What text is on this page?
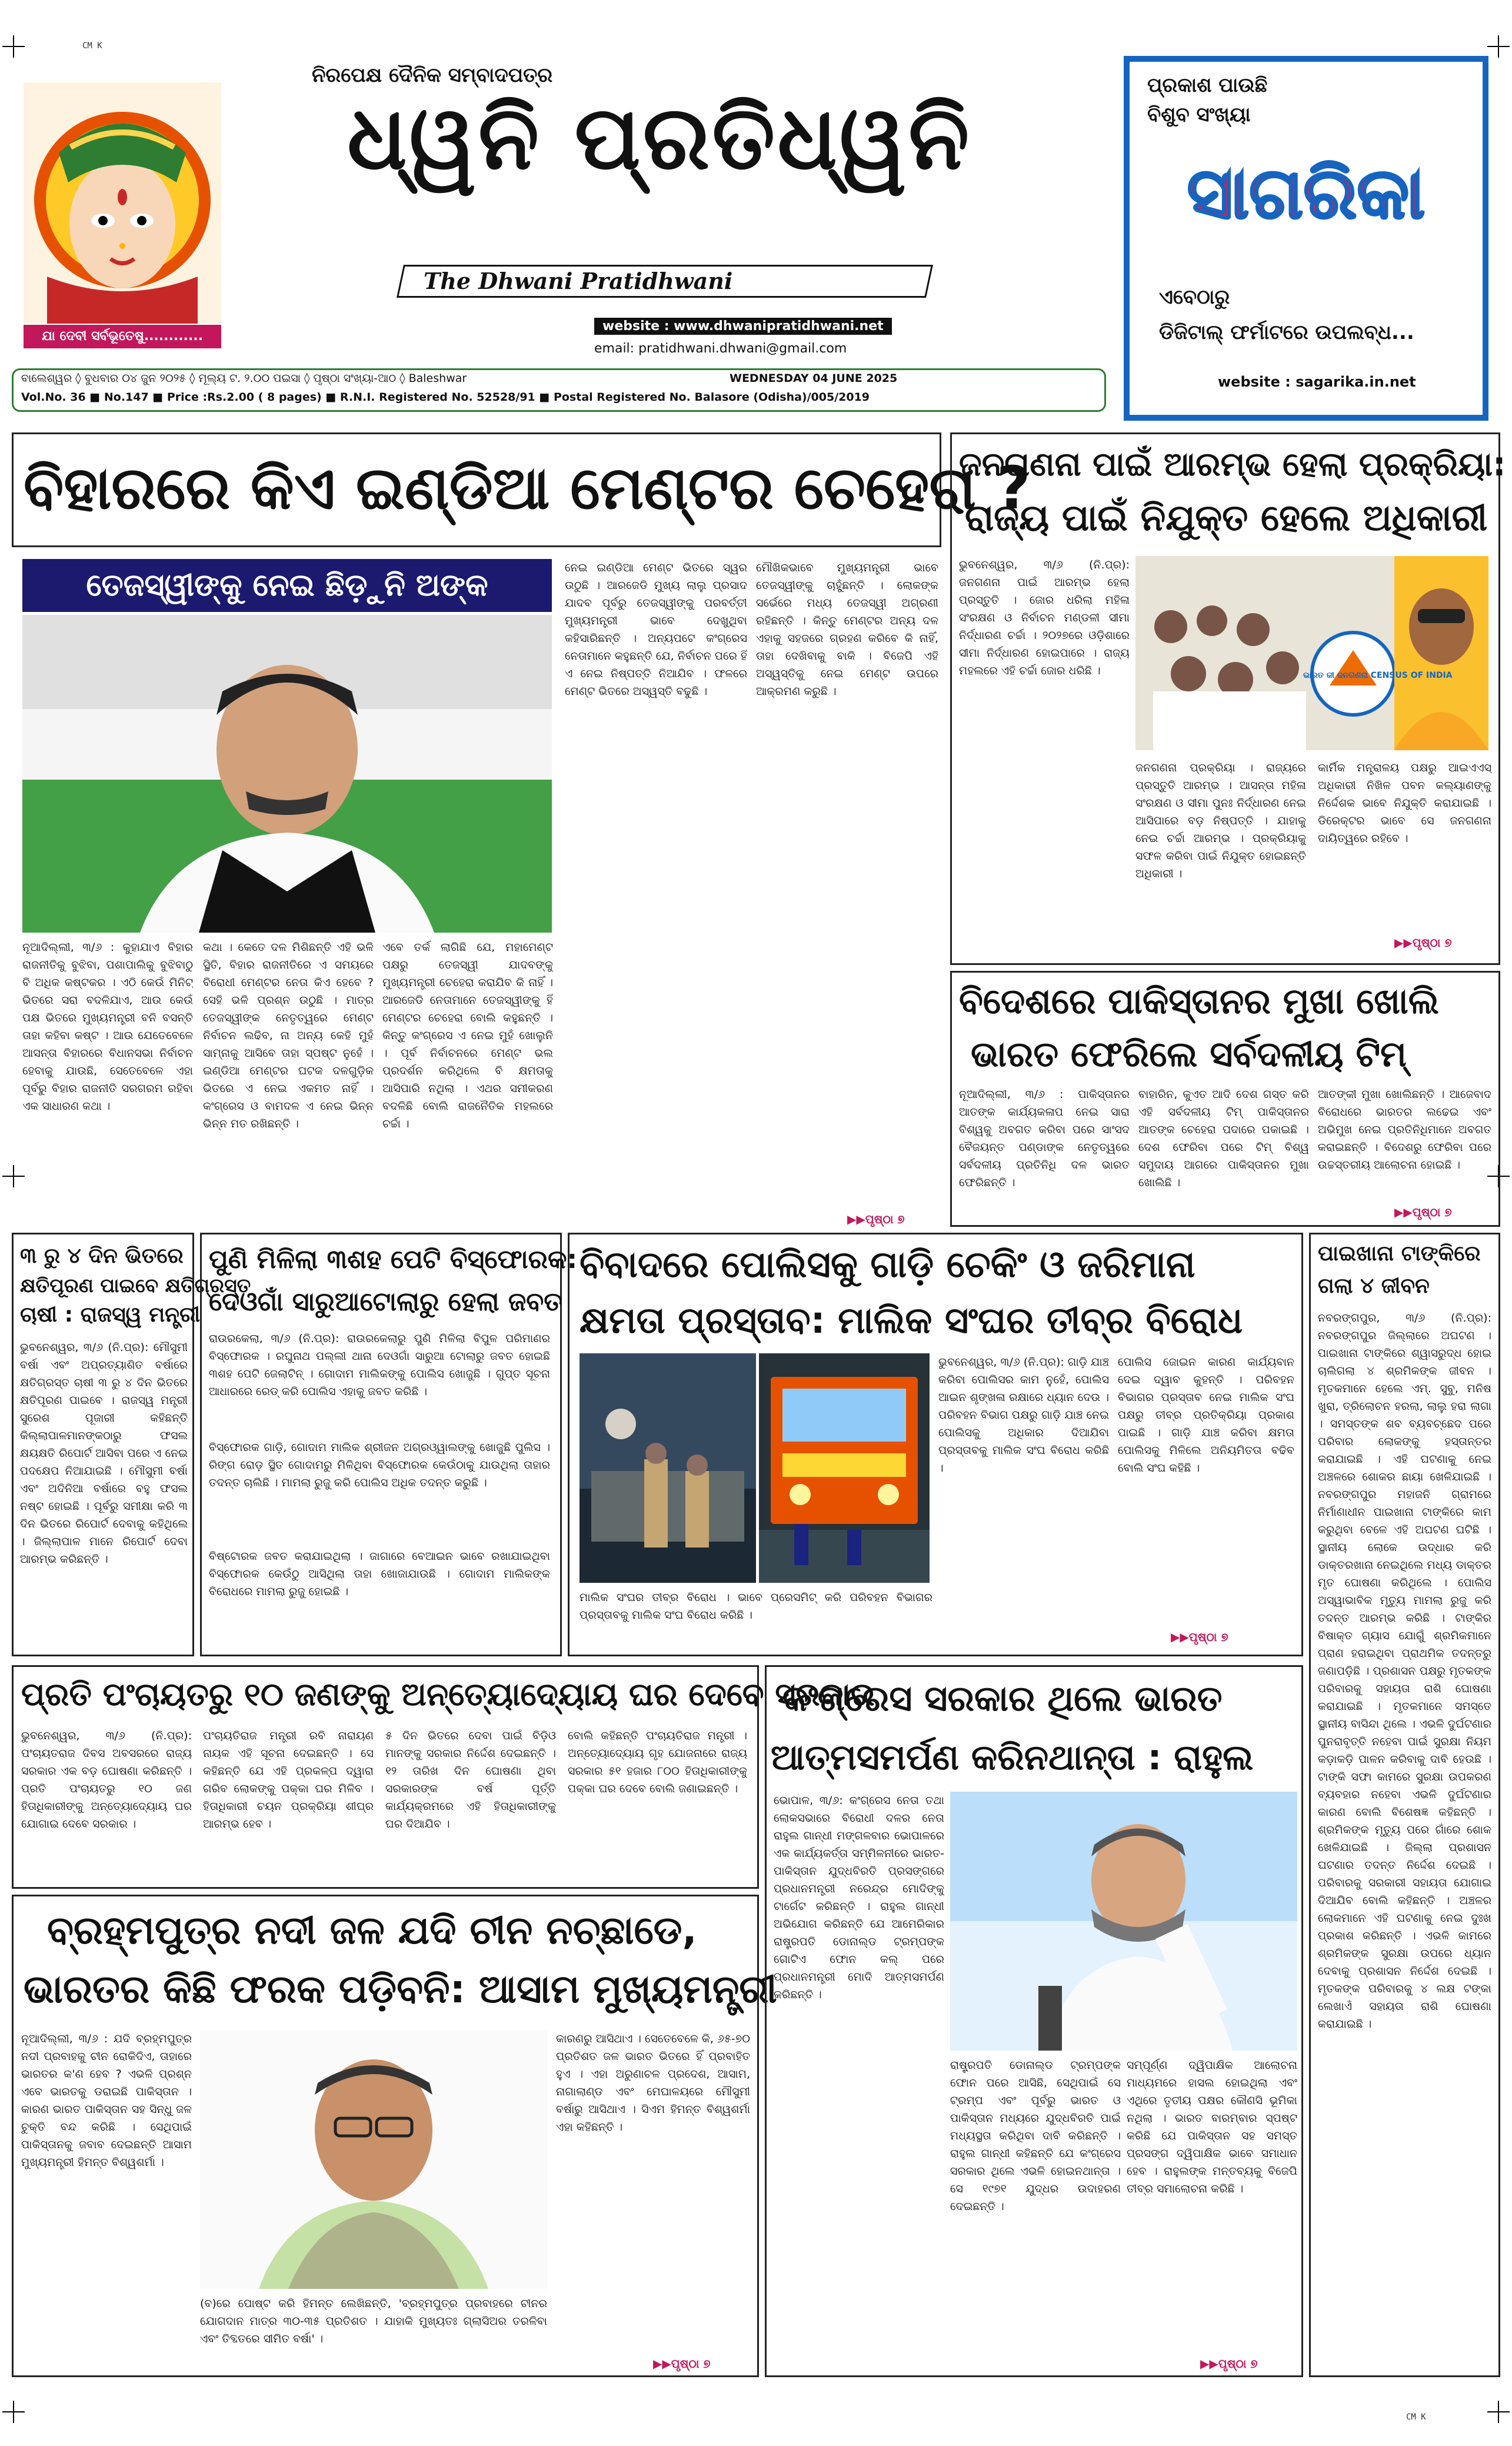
CM K
CM K
ଯା ଦେବୀ ସର୍ବଭୂତେଷୁ............
ନିରପେକ୍ଷ ଦୈନିକ ସମ୍ବାଦପତ୍ର
ଧ୍ୱନି ପ୍ରତିଧ୍ୱନି
The Dhwani Pratidhwani
website : www.dhwanipratidhwani.net
email: pratidhwani.dhwani@gmail.com
ବାଲେଶ୍ୱର ◊ ବୁଧବାର ୦୪ ଜୁନ ୨୦୨୫ ◊ ମୂଲ୍ୟ ଟ. ୨.୦୦ ପଇସା ◊ ପୃଷ୍ଠା ସଂଖ୍ୟା-ଆଠ ◊ Baleshwar	WEDNESDAY 04 JUNE 2025
Vol.No. 36 ■ No.147 ■ Price :Rs.2.00 ( 8 pages) ■ R.N.I. Registered No. 52528/91 ■ Postal Registered No. Balasore (Odisha)/005/2019
ପ୍ରକାଶ ପାଉଛି
ବିଶୁବ ସଂଖ୍ୟା
ସାଗରିକା
ଏବେଠାରୁ
ଡିଜିଟାଲ୍ ଫର୍ମାଟରେ ଉପଲବ୍ଧ...
website : sagarika.in.net
ବିହାରରେ କିଏ ଇଣ୍ଡିଆ ମେଣ୍ଟର ଚେହେରା ?
ତେଜସ୍ୱୀଙ୍କୁ ନେଇ ଛିଡ଼ୁନି ଅଙ୍କ
ନୂଆଦିଲ୍ଲୀ, ୩/୬ : କୁହାଯାଏ ବିହାର ରାଜନୀତିକୁ ବୁଝିବା, ପଶାପାଲିକୁ ବୁଝିବାଠୁ ବି ଅଧିକ କଷ୍ଟକର । ଏଠି କେଉଁ ମିନିଟ୍ ଭିତରେ ସରା ବଦଳିଯାଏ, ଆଉ କେଉଁ ପକ୍ଷ ଭିତରେ ମୁଖ୍ୟମନ୍ତ୍ରୀ ବନି ବସନ୍ତି ତାହା କହିବା କଷ୍ଟ । ଆଉ ଯେତେବେଳେ ଆସନ୍ତା ବିହାରରେ ବିଧାନସଭା ନିର୍ବାଚନ ହେବାକୁ ଯାଉଛି, ସେତେବେଳେ ଏହା ପୂର୍ବରୁ ବିହାର ରାଜନୀତି ସରଗରମ ରହିବା ଏକ ସାଧାରଣ କଥା ।
କଥା । କେତେ ଦଳ ମିଶିଛନ୍ତି ଏହି ଭଳି ସ୍ଥିତି, ବିହାର ରାଜନୀତିରେ ଏ ସମୟରେ ବିରୋଧୀ ମେଣ୍ଟର ନେତା କିଏ ହେବେ ? ସେହି ଭଳି ପ୍ରଶ୍ନ ଉଠୁଛି । ମାତ୍ର ତେଜସ୍ୱୀଙ୍କ ନେତୃତ୍ୱରେ ମେଣ୍ଟ ନିର୍ବାଚନ ଲଢିବ, ନା ଅନ୍ୟ କେହି ମୁହଁ ସାମ୍ନାକୁ ଆସିବେ ତାହା ସ୍ପଷ୍ଟ ନୁହେଁ । ଇଣ୍ଡିଆ ମେଣ୍ଟର ଘଟକ ଦଳଗୁଡ଼ିକ ଭିତରେ ଏ ନେଇ ଏକମତ ନାହିଁ । କଂଗ୍ରେସ ଓ ବାମଦଳ ଏ ନେଇ ଭିନ୍ନ ଭିନ୍ନ ମତ ରଖିଛନ୍ତି ।
ଏବେ ତର୍କ ଲାଗିଛି ଯେ, ମହାମେଣ୍ଟ ପକ୍ଷରୁ ତେଜସ୍ୱୀ ଯାଦବଙ୍କୁ ମୁଖ୍ୟମନ୍ତ୍ରୀ ଚେହେରା କରାଯିବ କି ନାହିଁ । ଆରଜେଡି ନେତାମାନେ ତେଜସ୍ୱୀଙ୍କୁ ହିଁ ମେଣ୍ଟର ଚେହେରା ବୋଲି କହୁଛନ୍ତି । କିନ୍ତୁ କଂଗ୍ରେସ ଏ ନେଇ ମୁହଁ ଖୋଲୁନି । ପୂର୍ବ ନିର୍ବାଚନରେ ମେଣ୍ଟ ଭଲ ପ୍ରଦର୍ଶନ କରିଥିଲେ ବି କ୍ଷମତାକୁ ଆସିପାରି ନଥିଲା । ଏଥର ସମୀକରଣ ବଦଳିଛି ବୋଲି ରାଜନୈତିକ ମହଲରେ ଚର୍ଚ୍ଚା ।
ନେଇ ଇଣ୍ଡିଆ ମେଣ୍ଟ ଭିତରେ ସ୍ୱର ଉଠୁଛି । ଆରଜେଡି ମୁଖ୍ୟ ଲାଲୁ ପ୍ରସାଦ ଯାଦବ ପୂର୍ବରୁ ତେଜସ୍ୱୀଙ୍କୁ ପରବର୍ତ୍ତୀ ମୁଖ୍ୟମନ୍ତ୍ରୀ ଭାବେ ଦେଖୁଥିବା କହିସାରିଛନ୍ତି । ଅନ୍ୟପଟେ କଂଗ୍ରେସ ନେତାମାନେ କହୁଛନ୍ତି ଯେ, ନିର୍ବାଚନ ପରେ ହିଁ ଏ ନେଇ ନିଷ୍ପତ୍ତି ନିଆଯିବ । ଫଳରେ ମେଣ୍ଟ ଭିତରେ ଅସ୍ୱସ୍ତି ବଢୁଛି ।
ମୌଖିକଭାବେ ମୁଖ୍ୟମନ୍ତ୍ରୀ ଭାବେ ତେଜସ୍ୱୀଙ୍କୁ ଚାହୁଁଛନ୍ତି । ଲୋକଙ୍କ ସର୍ଭେରେ ମଧ୍ୟ ତେଜସ୍ୱୀ ଅଗ୍ରଣୀ ରହିଛନ୍ତି । କିନ୍ତୁ ମେଣ୍ଟର ଅନ୍ୟ ଦଳ ଏହାକୁ ସହଜରେ ଗ୍ରହଣ କରିବେ କି ନାହିଁ, ତାହା ଦେଖିବାକୁ ବାକି । ବିଜେପି ଏହି ଅସ୍ୱସ୍ତିକୁ ନେଇ ମେଣ୍ଟ ଉପରେ ଆକ୍ରମଣ କରୁଛି ।
▶▶ପୃଷ୍ଠା ୭
ଜନଗଣନା ପାଇଁ ଆରମ୍ଭ ହେଲା ପ୍ରକ୍ରିୟା:
ରାଜ୍ୟ ପାଇଁ ନିଯୁକ୍ତ ହେଲେ ଅଧିକାରୀ
ଭୁବନେଶ୍ୱର, ୩/୬ (ନି.ପ୍ର): ଜନଗଣନା ପାଇଁ ଆରମ୍ଭ ହେଲା ପ୍ରସ୍ତୁତି । ଜୋର ଧରିଲା ମହିଳା ସଂରକ୍ଷଣ ଓ ନିର୍ବାଚନ ମଣ୍ଡଳୀ ସୀମା ନିର୍ଦ୍ଧାରଣ ଚର୍ଚ୍ଚା । ୨୦୨୭ରେ ଓଡ଼ିଶାରେ ସୀମା ନିର୍ଦ୍ଧାରଣ ହୋଇପାରେ । ରାଜ୍ୟ ମହଲରେ ଏହି ଚର୍ଚ୍ଚା ଜୋର ଧରିଛି ।	ଭାରତ କୀ ଜନଗଣନା CENSUS OF INDIA
ଜନଗଣନା ପ୍ରକ୍ରିୟା । ରାଜ୍ୟରେ ପ୍ରସ୍ତୁତି ଆରମ୍ଭ । ଆସନ୍ତା ମହିଳା ସଂରକ୍ଷଣ ଓ ସୀମା ପୁନଃ ନିର୍ଦ୍ଧାରଣ ନେଇ ଆସିପାରେ ବଡ଼ ନିଷ୍ପତ୍ତି । ଯାହାକୁ ନେଇ ଚର୍ଚ୍ଚା ଆରମ୍ଭ । ପ୍ରକ୍ରିୟାକୁ ସଫଳ କରିବା ପାଇଁ ନିଯୁକ୍ତ ହୋଇଛନ୍ତି ଅଧିକାରୀ ।
କାର୍ମିକ ମନ୍ତ୍ରାଳୟ ପକ୍ଷରୁ ଆଇଏଏସ୍ ଅଧିକାରୀ ନିଖିଳ ପବନ କଲ୍ୟାଣଙ୍କୁ ନିର୍ଦ୍ଦେଶକ ଭାବେ ନିଯୁକ୍ତି କରାଯାଇଛି । ଡିରେକ୍ଟର ଭାବେ ସେ ଜନଗଣନା ଦାୟିତ୍ୱରେ ରହିବେ ।
▶▶ପୃଷ୍ଠା ୭
ବିଦେଶରେ ପାକିସ୍ତାନର ମୁଖା ଖୋଲି
ଭାରତ ଫେରିଲେ ସର୍ବଦଳୀୟ ଟିମ୍
ନୂଆଦିଲ୍ଲୀ, ୩/୬ : ପାକିସ୍ତାନର ଆତଙ୍କ କାର୍ଯ୍ୟକଳାପ ନେଇ ସାରା ବିଶ୍ୱକୁ ଅବଗତ କରିବା ପରେ ସାଂସଦ ବୈଜୟନ୍ତ ପଣ୍ଡାଙ୍କ ନେତୃତ୍ୱରେ ସର୍ବଦଳୀୟ ପ୍ରତିନିଧି ଦଳ ଭାରତ ଫେରିଛନ୍ତି ।
ବାହାରିନ, କୁଏତ ଆଦି ଦେଶ ଗସ୍ତ କରି ଏହି ସର୍ବଦଳୀୟ ଟିମ୍ ପାକିସ୍ତାନର ଆତଙ୍କ ଚେହେରା ପଦାରେ ପକାଇଛି । ଦେଶ ଫେରିବା ପରେ ଟିମ୍ ବିଶ୍ୱ ସମୁଦାୟ ଆଗରେ ପାକିସ୍ତାନର ମୁଖା ଖୋଲିଛି ।
ଆତଙ୍କୀ ମୁଖା ଖୋଲିଛନ୍ତି । ଆଜେବାଦ ବିରୋଧରେ ଭାରତର ଲଢେଇ ଏବଂ ଅଭିମୁଖ ନେଇ ପ୍ରତିନିଧିମାନେ ଅବଗତ କରାଇଛନ୍ତି । ବିଦେଶରୁ ଫେରିବା ପରେ ଉଚ୍ଚସ୍ତରୀୟ ଆଲୋଚନା ହୋଇଛି ।
▶▶ପୃଷ୍ଠା ୭
୩ ରୁ ୪ ଦିନ ଭିତରେ
କ୍ଷତିପୂରଣ ପାଇବେ କ୍ଷତିଗ୍ରସ୍ତ
ଚାଷୀ : ରାଜସ୍ୱ ମନ୍ତ୍ରୀ
ଭୁବନେଶ୍ୱର, ୩/୬ (ନି.ପ୍ର): ମୌସୁମୀ ବର୍ଷା ଏବଂ ଅପ୍ରତ୍ୟାଶିତ ବର୍ଷାରେ କ୍ଷତିଗ୍ରସ୍ତ ଚାଷୀ ୩ ରୁ ୪ ଦିନ ଭିତରେ କ୍ଷତିପୂରଣ ପାଇବେ । ରାଜସ୍ୱ ମନ୍ତ୍ରୀ ସୁରେଶ ପୂଜାରୀ କହିଛନ୍ତି କିଲ୍ଲାପାଳମାନଙ୍କଠାରୁ ଫସଲ କ୍ଷୟକ୍ଷତି ରିପୋର୍ଟ ଆସିବା ପରେ ଏ ନେଇ ପଦକ୍ଷେପ ନିଆଯାଇଛି । ମୌସୁମୀ ବର୍ଷା ଏବଂ ଅଦିନିଆ ବର୍ଷାରେ ବହୁ ଫସଲ ନଷ୍ଟ ହୋଇଛି । ପୂର୍ବରୁ ସମୀକ୍ଷା କରି ୩ ଦିନ ଭିତରେ ରିପୋର୍ଟ ଦେବାକୁ କହିଥିଲେ । ଜିଲ୍ଲାପାଳ ମାନେ ରିପୋର୍ଟ ଦେବା ଆରମ୍ଭ କରିଛନ୍ତି ।
ପୁଣି ମିଳିଲା ୩ଶହ ପେଟି ବିସ୍ଫୋରକ:
ଦେଓଗାଁ ସାରୁଆଟୋଲାରୁ ହେଲା ଜବତ
ରାଉରକେଲା, ୩/୬ (ନି.ପ୍ର): ରାଉରକେଲାରୁ ପୁଣି ମିଳିଲା ବିପୁଳ ପରିମାଣର ବିସ୍ଫୋରକ । ରଘୁନାଥ ପଲ୍ଲୀ ଥାନା ଦେଓଗାଁ ସାରୁଆ ଟୋଲାରୁ ଜବତ ହୋଇଛି ୩ଶହ ପେଟି ଜେଲାଟିନ୍ । ଗୋଦାମ ମାଲିକଙ୍କୁ ପୋଲିସ ଖୋଜୁଛି । ଗୁପ୍ତ ସୂଚନା ଆଧାରରେ ରେଡ୍ କରି ପୋଲିସ ଏହାକୁ ଜବତ କରିଛି ।
ବିସ୍ଫୋରକ ଗାଡ଼ି, ଗୋଦାମ ମାଲିକ ଶ୍ରୀଜନ ଅଗ୍ରଓ୍ୱାଲଙ୍କୁ ଖୋଜୁଛି ପୁଲିସ । ରିଙ୍ଗ ରୋଡ଼ ସ୍ଥିତ ଗୋଦାମରୁ ମିଳିଥିବା ବିସ୍ଫୋରକ କେଉଁଠାକୁ ଯାଉଥିଲା ତାହାର ତଦନ୍ତ ଚାଲିଛି । ମାମଲା ରୁଜୁ କରି ପୋଲିସ ଅଧିକ ତଦନ୍ତ କରୁଛି ।
ବିଷ୍ଟୋରକ ଜବତ କରାଯାଇଥିଲା । ଜାଗାରେ ବେଆଇନ ଭାବେ ରଖାଯାଇଥିବା ବିସ୍ଫୋରକ କେଉଁଠୁ ଆସିଥିଲା ତାହା ଖୋଜାଯାଉଛି । ଗୋଦାମ ମାଲିକଙ୍କ ବିରୋଧରେ ମାମଲା ରୁଜୁ ହୋଇଛି ।
ବିବାଦରେ ପୋଲିସକୁ ଗାଡ଼ି ଚେକିଂ ଓ ଜରିମାନା
କ୍ଷମତା ପ୍ରସ୍ତାବ: ମାଲିକ ସଂଘର ତୀବ୍ର ବିରୋଧ
ଭୁବନେଶ୍ୱର, ୩/୬ (ନି.ପ୍ର): ଗାଡ଼ି ଯାଞ୍ଚ କରିବା ପୋଲିସର କାମ ନୁହେଁ, ପୋଲିସ ଆଇନ ଶୃଙ୍ଖଳା ରକ୍ଷାରେ ଧ୍ୟାନ ଦେଉ । ପରିବହନ ବିଭାଗ ପକ୍ଷରୁ ଗାଡ଼ି ଯାଞ୍ଚ ନେଇ ପୋଲିସକୁ ଅଧିକାର ଦିଆଯିବା ପ୍ରସ୍ତାବକୁ ମାଲିକ ସଂଘ ବିରୋଧ କରିଛି ।
ମାଲିକ ସଂଘର ତୀବ୍ର ବିରୋଧ । ଭାବେ ପ୍ରେସମିଟ୍ କରି ପରିବହନ ବିଭାଗର ପ୍ରସ୍ତାବକୁ ମାଲିକ ସଂଘ ବିରୋଧ କରିଛି ।
ପୋଲିସ ଜୋଇନ କାରଣ କାର୍ଯ୍ୟବାନ ଦେଇ ଦ୍ୱାବ କୁହନ୍ତି । ପରିବହନ ବିଭାଗର ପ୍ରସ୍ତାବ ନେଇ ମାଲିକ ସଂଘ ପକ୍ଷରୁ ତୀବ୍ର ପ୍ରତିକ୍ରିୟା ପ୍ରକାଶ ପାଇଛି । ଗାଡ଼ି ଯାଞ୍ଚ କରିବା କ୍ଷମତା ପୋଲିସକୁ ମିଳିଲେ ଅନିୟମିତତା ବଢିବ ବୋଲି ସଂଘ କହିଛି ।
▶▶ପୃଷ୍ଠା ୭
ପାଇଖାନା ଟାଙ୍କିରେ
ଗଲା ୪ ଜୀବନ
ନବରଙ୍ଗପୁର, ୩/୬ (ନି.ପ୍ର): ନବରଙ୍ଗପୁର ଜିଲ୍ଲାରେ ଅଘଟଣ । ପାଇଖାନା ଟାଙ୍କିରେ ଶ୍ୱାସରୁଦ୍ଧ ହୋଇ ଚାଲିଗଲା ୪ ଶ୍ରମିକଙ୍କ ଜୀବନ । ମୃତକମାନେ ହେଲେ ଏମ୍. ସୁବୁ, ମନିଷ ଖୁରା, ତ୍ରିଲୋଚନ ହରଲା, ଲାଲୁ ହରା ଲାଗା । ସମସ୍ତଙ୍କ ଶବ ବ୍ୟବଚ୍ଛେଦ ପରେ ପରିବାର ଲୋକଙ୍କୁ ହସ୍ତାନ୍ତର କରାଯାଇଛି । ଏହି ଘଟଣାକୁ ନେଇ ଅଞ୍ଚଳରେ ଶୋକର ଛାୟା ଖେଳିଯାଇଛି । ନବରଙ୍ଗପୁର ମହାଜନି ଗ୍ରାମରେ ନିର୍ମାଣାଧୀନ ପାଇଖାନା ଟାଙ୍କିରେ କାମ କରୁଥିବା ବେଳେ ଏହି ଅଘଟଣ ଘଟିଛି । ସ୍ଥାନୀୟ ଲୋକେ ଉଦ୍ଧାର କରି ଡାକ୍ତରଖାନା ନେଇଥିଲେ ମଧ୍ୟ ଡାକ୍ତର ମୃତ ଘୋଷଣା କରିଥିଲେ । ପୋଲିସ ଅସ୍ୱାଭାବିକ ମୃତ୍ୟୁ ମାମଲା ରୁଜୁ କରି ତଦନ୍ତ ଆରମ୍ଭ କରିଛି । ଟାଙ୍କିର ବିଷାକ୍ତ ଗ୍ୟାସ ଯୋଗୁଁ ଶ୍ରମିକମାନେ ପ୍ରାଣ ହରାଇଥିବା ପ୍ରାଥମିକ ତଦନ୍ତରୁ ଜଣାପଡ଼ିଛି । ପ୍ରଶାସନ ପକ୍ଷରୁ ମୃତକଙ୍କ ପରିବାରକୁ ସହାୟତା ରାଶି ଘୋଷଣା କରାଯାଇଛି । ମୃତକମାନେ ସମସ୍ତେ ସ୍ଥାନୀୟ ବାସିନ୍ଦା ଥିଲେ । ଏଭଳି ଦୁର୍ଘଟଣାର ପୁନରାବୃତ୍ତି ନହେବା ପାଇଁ ସୁରକ୍ଷା ନିୟମ କଡ଼ାକଡ଼ି ପାଳନ କରିବାକୁ ଦାବି ହେଉଛି । ଟାଙ୍କି ସଫା କାମରେ ସୁରକ୍ଷା ଉପକରଣ ବ୍ୟବହାର ନହେବା ଏଭଳି ଦୁର୍ଘଟଣାର କାରଣ ବୋଲି ବିଶେଷଜ୍ଞ କହିଛନ୍ତି । ଶ୍ରମିକଙ୍କ ମୃତ୍ୟୁ ପରେ ଗାଁରେ ଶୋକ ଖେଳିଯାଇଛି । ଜିଲ୍ଲା ପ୍ରଶାସନ ଘଟଣାର ତଦନ୍ତ ନିର୍ଦ୍ଦେଶ ଦେଇଛି । ପରିବାରକୁ ସରକାରୀ ସହାୟତା ଯୋଗାଇ ଦିଆଯିବ ବୋଲି କହିଛନ୍ତି । ଅଞ୍ଚଳର ଲୋକମାନେ ଏହି ଘଟଣାକୁ ନେଇ ଦୁଃଖ ପ୍ରକାଶ କରିଛନ୍ତି । ଏଭଳି କାମରେ ଶ୍ରମିକଙ୍କ ସୁରକ୍ଷା ଉପରେ ଧ୍ୟାନ ଦେବାକୁ ପ୍ରଶାସନ ନିର୍ଦ୍ଦେଶ ଦେଇଛି । ମୃତକଙ୍କ ପରିବାରକୁ ୪ ଲକ୍ଷ ଟଙ୍କା ଲେଖାଏଁ ସହାୟତା ରାଶି ଘୋଷଣା କରାଯାଇଛି ।
ପ୍ରତି ପଂଚାୟତରୁ ୧୦ ଜଣଙ୍କୁ ଅନ୍ତ୍ୟୋଦ୍ୟୋୟ ଘର ଦେବେ ସରକାର
ଭୁବନେଶ୍ୱର, ୩/୬ (ନି.ପ୍ର): ପଂଚାୟତରାଜ ଦିବସ ଅବସରରେ ରାଜ୍ୟ ସରକାର ଏକ ବଡ଼ ଘୋଷଣା କରିଛନ୍ତି । ପ୍ରତି ପଂଚାୟତରୁ ୧୦ ଜଣ ହିତାଧିକାରୀଙ୍କୁ ଅନ୍ତ୍ୟୋଦ୍ୟୋୟ ଘର ଯୋଗାଇ ଦେବେ ସରକାର ।
ପଂଚାୟତିରାଜ ମନ୍ତ୍ରୀ ରବି ନାରାୟଣ ନାୟକ ଏହି ସୂଚନା ଦେଇଛନ୍ତି । ସେ କହିଛନ୍ତି ଯେ ଏହି ପ୍ରକଳ୍ପ ଦ୍ୱାରା ଗରିବ ଲୋକଙ୍କୁ ପକ୍କା ଘର ମିଳିବ । ହିତାଧିକାରୀ ଚୟନ ପ୍ରକ୍ରିୟା ଶୀଘ୍ର ଆରମ୍ଭ ହେବ ।
୫ ଦିନ ଭିତରେ ଦେବା ପାଇଁ ବିଡ଼ିଓ ମାନଙ୍କୁ ସରକାର ନିର୍ଦ୍ଦେଶ ଦେଇଛନ୍ତି । ୧୨ ତାରିଖ ଦିନ ଘୋଷଣା ଥିବା ସରକାରଙ୍କ ବର୍ଷ ପୂର୍ତ୍ତି କାର୍ଯ୍ୟକ୍ରମରେ ଏହି ହିତାଧିକାରୀଙ୍କୁ ଘର ଦିଆଯିବ ।
ବୋଲି କହିଛନ୍ତି ପଂଚାୟତିରାଜ ମନ୍ତ୍ରୀ । ଅନ୍ତ୍ୟୋଦ୍ୟୋୟ ଗୃହ ଯୋଜନାରେ ରାଜ୍ୟ ସରକାର ୫୧ ହଜାର ୮୦୦ ହିତାଧିକାରୀଙ୍କୁ ପକ୍କା ଘର ଦେବେ ବୋଲି ଜଣାଇଛନ୍ତି ।
ବ୍ରହ୍ମପୁତ୍ର ନଦୀ ଜଳ ଯଦି ଚୀନ ନଚ୍ଛାଡେ,
ଭାରତର କିଛି ଫରକ ପଡ଼ିବନି: ଆସାମ ମୁଖ୍ୟମନ୍ତ୍ରୀ
ନୂଆଦିଲ୍ଲୀ, ୩/୬ : ଯଦି ବ୍ରହ୍ମପୁତ୍ର ନଦୀ ପ୍ରବାହକୁ ଚୀନ ରୋକିଦିଏ, ତାହାରେ ଭାରତର କ'ଣ ହେବ ? ଏଭଳି ପ୍ରଶ୍ନ ଏବେ ଭାରତକୁ ଡରାଇଛି ପାକିସ୍ତାନ । କାରଣ ଭାରତ ପାକିସ୍ତାନ ସହ ସିନ୍ଧୁ ଜଳ ଚୁକ୍ତି ବନ୍ଦ କରିଛି । ସେଥିପାଇଁ ପାକିସ୍ତାନକୁ ଜବାବ ଦେଇଛନ୍ତି ଆସାମ ମୁଖ୍ୟମନ୍ତ୍ରୀ ହିମନ୍ତ ବିଶ୍ୱଶର୍ମା ।
(ବ)ରେ ପୋଷ୍ଟ କରି ହିମନ୍ତ ଲେଖିଛନ୍ତି, 'ବ୍ରହ୍ମପୁତ୍ର ପ୍ରବାହରେ ଚୀନର ଯୋଗଦାନ ମାତ୍ର ୩୦-୩୫ ପ୍ରତିଶତ । ଯାହାକି ମୁଖ୍ୟତଃ ଗ୍ଲାସିଅର ତରଳିବା ଏବଂ ତିବ୍ଦତରେ ସୀମିତ ବର୍ଷା' ।
କାରଣରୁ ଆସିଥାଏ । ସେତେବେଳେ କି, ୬୫-୭୦ ପ୍ରତିଶତ ଜଳ ଭାରତ ଭିତରେ ହିଁ ପ୍ରବାହିତ ହୁଏ । ଏହା ଅରୁଣାଚଳ ପ୍ରଦେଶ, ଆସାମ, ନାଗାଲାଣ୍ଡ ଏବଂ ମେଘାଳୟରେ ମୌସୁମୀ ବର୍ଷାରୁ ଆସିଥାଏ । ସିଏମ ହିମନ୍ତ ବିଶ୍ୱଶର୍ମା ଏହା କହିଛନ୍ତି ।
▶▶ପୃଷ୍ଠା ୭
କଂଗ୍ରେସ ସରକାର ଥିଲେ ଭାରତ
ଆତ୍ମସମର୍ପଣ କରିନଥାନ୍ତା : ରାହୁଲ
ଭୋପାଳ, ୩/୬: କଂଗ୍ରେସ ନେତା ତଥା ଲୋକସଭାରେ ବିରୋଧୀ ଦଳର ନେତା ରାହୁଲ ଗାନ୍ଧୀ ମଙ୍ଗଳବାର ଭୋପାଳରେ ଏକ କାର୍ଯ୍ୟକର୍ତ୍ତା ସମ୍ମିଳନୀରେ ଭାରତ-ପାକିସ୍ତାନ ଯୁଦ୍ଧବିରତି ପ୍ରସଙ୍ଗରେ ପ୍ରଧାନମନ୍ତ୍ରୀ ନରେନ୍ଦ୍ର ମୋଦିଙ୍କୁ ଟାର୍ଗେଟ କରିଛନ୍ତି । ରାହୁଲ ଗାନ୍ଧୀ ଅଭିଯୋଗ କରିଛନ୍ତି ଯେ ଆମେରିକାର ରାଷ୍ଟ୍ରପତି ଡୋନାଲ୍ଡ ଟ୍ରମ୍ପଙ୍କ ଗୋଟିଏ ଫୋନ କଲ୍ ପରେ ପ୍ରଧାନମନ୍ତ୍ରୀ ମୋଦି ଆତ୍ମସମର୍ପଣ କରିଛନ୍ତି ।
ରାଷ୍ଟ୍ରପତି ଡୋନାଲ୍ଡ ଟ୍ରମ୍ପଙ୍କ ଫୋନ ପରେ ଆସିଛି, ସେଥିପାଇଁ ସେ ଟ୍ରମ୍ପ ଏବଂ ପୂର୍ବରୁ ଭାରତ ଓ ପାକିସ୍ତାନ ମଧ୍ୟରେ ଯୁଦ୍ଧବିରତି ପାଇଁ ମଧ୍ୟସ୍ଥତା କରିଥିବା ଦାବି କରିଛନ୍ତି । ରାହୁଲ ଗାନ୍ଧୀ କହିଛନ୍ତି ଯେ କଂଗ୍ରେସ ସରକାର ଥିଲେ ଏଭଳି ହୋଇନଥାନ୍ତା । ସେ ୧୯୭୧ ଯୁଦ୍ଧର ଉଦାହରଣ ଦେଇଛନ୍ତି ।
ସମ୍ପୂର୍ଣ୍ଣ ଦ୍ୱିପାକ୍ଷିକ ଆଲୋଚନା ମାଧ୍ୟମରେ ହାସଲ ହୋଇଥିଲା ଏବଂ ଏଥିରେ ତୃତୀୟ ପକ୍ଷର କୌଣସି ଭୂମିକା ନଥିଲା । ଭାରତ ବାରମ୍ବାର ସ୍ପଷ୍ଟ କରିଛି ଯେ ପାକିସ୍ତାନ ସହ ସମସ୍ତ ପ୍ରସଙ୍ଗ ଦ୍ୱିପାକ୍ଷିକ ଭାବେ ସମାଧାନ ହେବ । ରାହୁଲଙ୍କ ମନ୍ତବ୍ୟକୁ ବିଜେପି ତୀବ୍ର ସମାଲୋଚନା କରିଛି ।
▶▶ପୃଷ୍ଠା ୭
